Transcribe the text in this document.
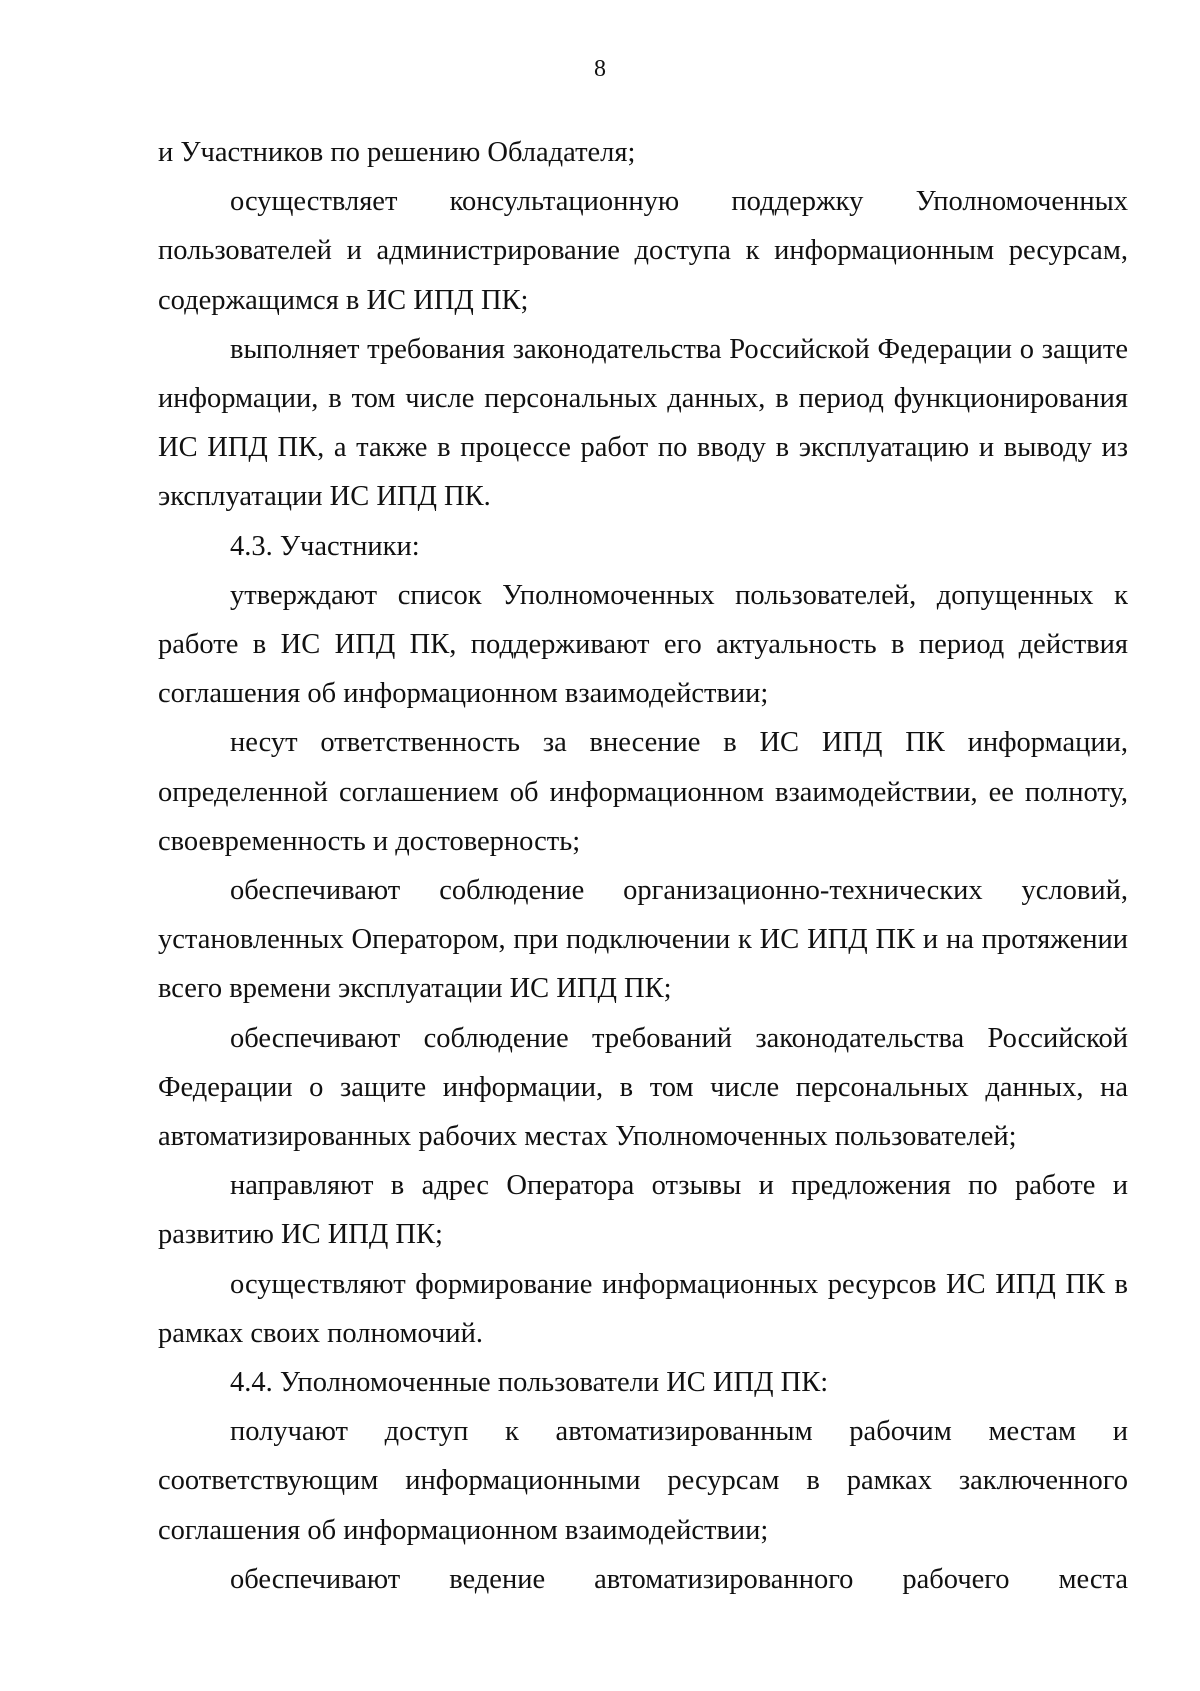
8

и Участников по решению Обладателя;

осуществляет консультационную поддержку Уполномоченных пользователей и администрирование доступа к информационным ресурсам, содержащимся в ИС ИПД ПК;

выполняет требования законодательства Российской Федерации о защите информации, в том числе персональных данных, в период функционирования ИС ИПД ПК, а также в процессе работ по вводу в эксплуатацию и выводу из эксплуатации ИС ИПД ПК.

4.3. Участники:

утверждают список Уполномоченных пользователей, допущенных к работе в ИС ИПД ПК, поддерживают его актуальность в период действия соглашения об информационном взаимодействии;

несут ответственность за внесение в ИС ИПД ПК информации, определенной соглашением об информационном взаимодействии, ее полноту, своевременность и достоверность;

обеспечивают соблюдение организационно-технических условий, установленных Оператором, при подключении к ИС ИПД ПК и на протяжении всего времени эксплуатации ИС ИПД ПК;

обеспечивают соблюдение требований законодательства Российской Федерации о защите информации, в том числе персональных данных, на автоматизированных рабочих местах Уполномоченных пользователей;

направляют в адрес Оператора отзывы и предложения по работе и развитию ИС ИПД ПК;

осуществляют формирование информационных ресурсов ИС ИПД ПК в рамках своих полномочий.

4.4. Уполномоченные пользователи ИС ИПД ПК:

получают доступ к автоматизированным рабочим местам и соответствующим информационными ресурсам в рамках заключенного соглашения об информационном взаимодействии;

обеспечивают ведение автоматизированного рабочего места
